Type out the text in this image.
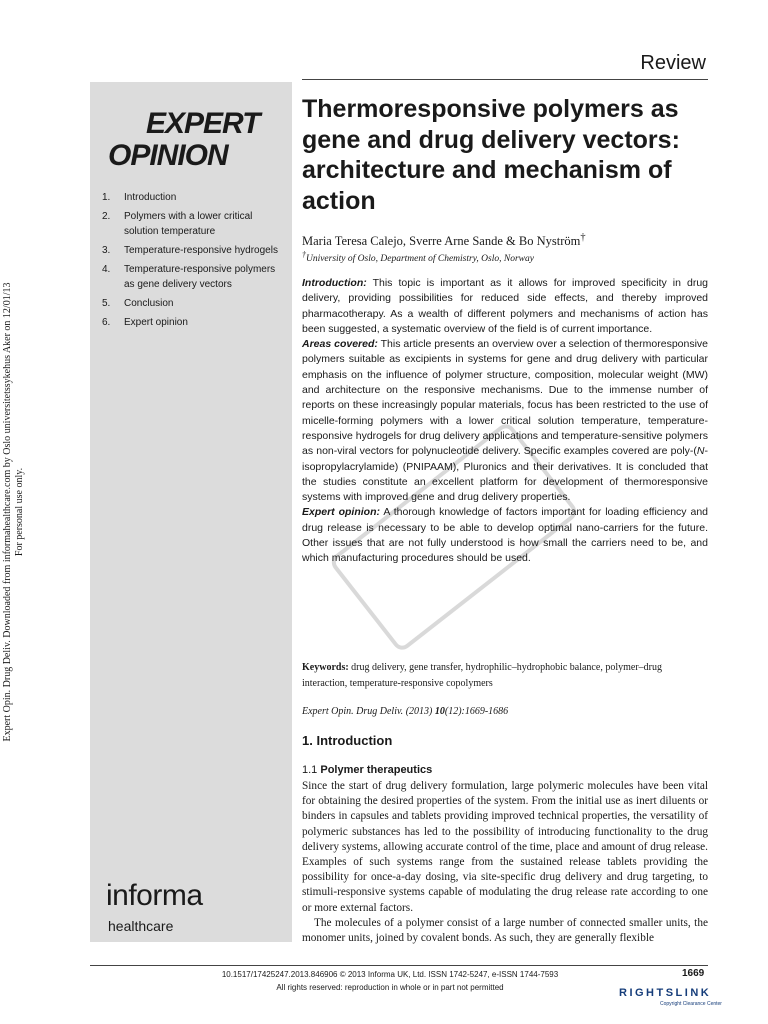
EXPERT
OPINION
1.	Introduction
2.	Polymers with a lower critical solution temperature
3.	Temperature-responsive hydrogels
4.	Temperature-responsive polymers as gene delivery vectors
5.	Conclusion
6.	Expert opinion
informa
healthcare
Review
Thermoresponsive polymers as gene and drug delivery vectors: architecture and mechanism of action
Maria Teresa Calejo, Sverre Arne Sande & Bo Nyström†
†University of Oslo, Department of Chemistry, Oslo, Norway

Introduction: This topic is important as it allows for improved specificity in drug delivery, providing possibilities for reduced side effects, and thereby improved pharmacotherapy. As a wealth of different polymers and mechanisms of action has been suggested, a systematic overview of the field is of current importance.

Areas covered: This article presents an overview over a selection of thermoresponsive polymers suitable as excipients in systems for gene and drug delivery with particular emphasis on the influence of polymer structure, composition, molecular weight (MW) and architecture on the responsive mechanisms. Due to the immense number of reports on these increasingly popular materials, focus has been restricted to the use of micelle-forming polymers with a lower critical solution temperature, temperature-responsive hydrogels for drug delivery applications and temperature-sensitive polymers as non-viral vectors for polynucleotide delivery. Specific examples covered are poly-(N-isopropylacrylamide) (PNIPAAM), Pluronics and their derivatives. It is concluded that the studies constitute an excellent platform for development of thermoresponsive systems with improved gene and drug delivery properties.

Expert opinion: A thorough knowledge of factors important for loading efficiency and drug release is necessary to be able to develop optimal nano-carriers for the future. Other issues that are not fully understood is how small the carriers need to be, and which manufacturing procedures should be used.

Keywords: drug delivery, gene transfer, hydrophilic–hydrophobic balance, polymer–drug interaction, temperature-responsive copolymers
Expert Opin. Drug Deliv. (2013) 10(12):1669-1686
1. Introduction
1.1 Polymer therapeutics

Since the start of drug delivery formulation, large polymeric molecules have been vital for obtaining the desired properties of the system. From the initial use as inert diluents or binders in capsules and tablets providing improved technical properties, the versatility of polymeric substances has led to the possibility of introducing functionality to the drug delivery systems, allowing accurate control of the time, place and amount of drug release. Examples of such systems range from the sustained release tablets providing the possibility for once-a-day dosing, via site-specific drug delivery and drug targeting, to stimuli-responsive systems capable of modulating the drug release rate according to one or more external factors.

The molecules of a polymer consist of a large number of connected smaller units, the monomer units, joined by covalent bonds. As such, they are generally flexible

10.1517/17425247.2013.846906 © 2013 Informa UK, Ltd. ISSN 1742-5247, e-ISSN 1744-7593
All rights reserved: reproduction in whole or in part not permitted
1669
RIGHTSLINK
Copyright Clearance Center
Expert Opin. Drug Deliv. Downloaded from informahealthcare.com by Oslo universitetssykehus Aker on 12/01/13 For personal use only.
